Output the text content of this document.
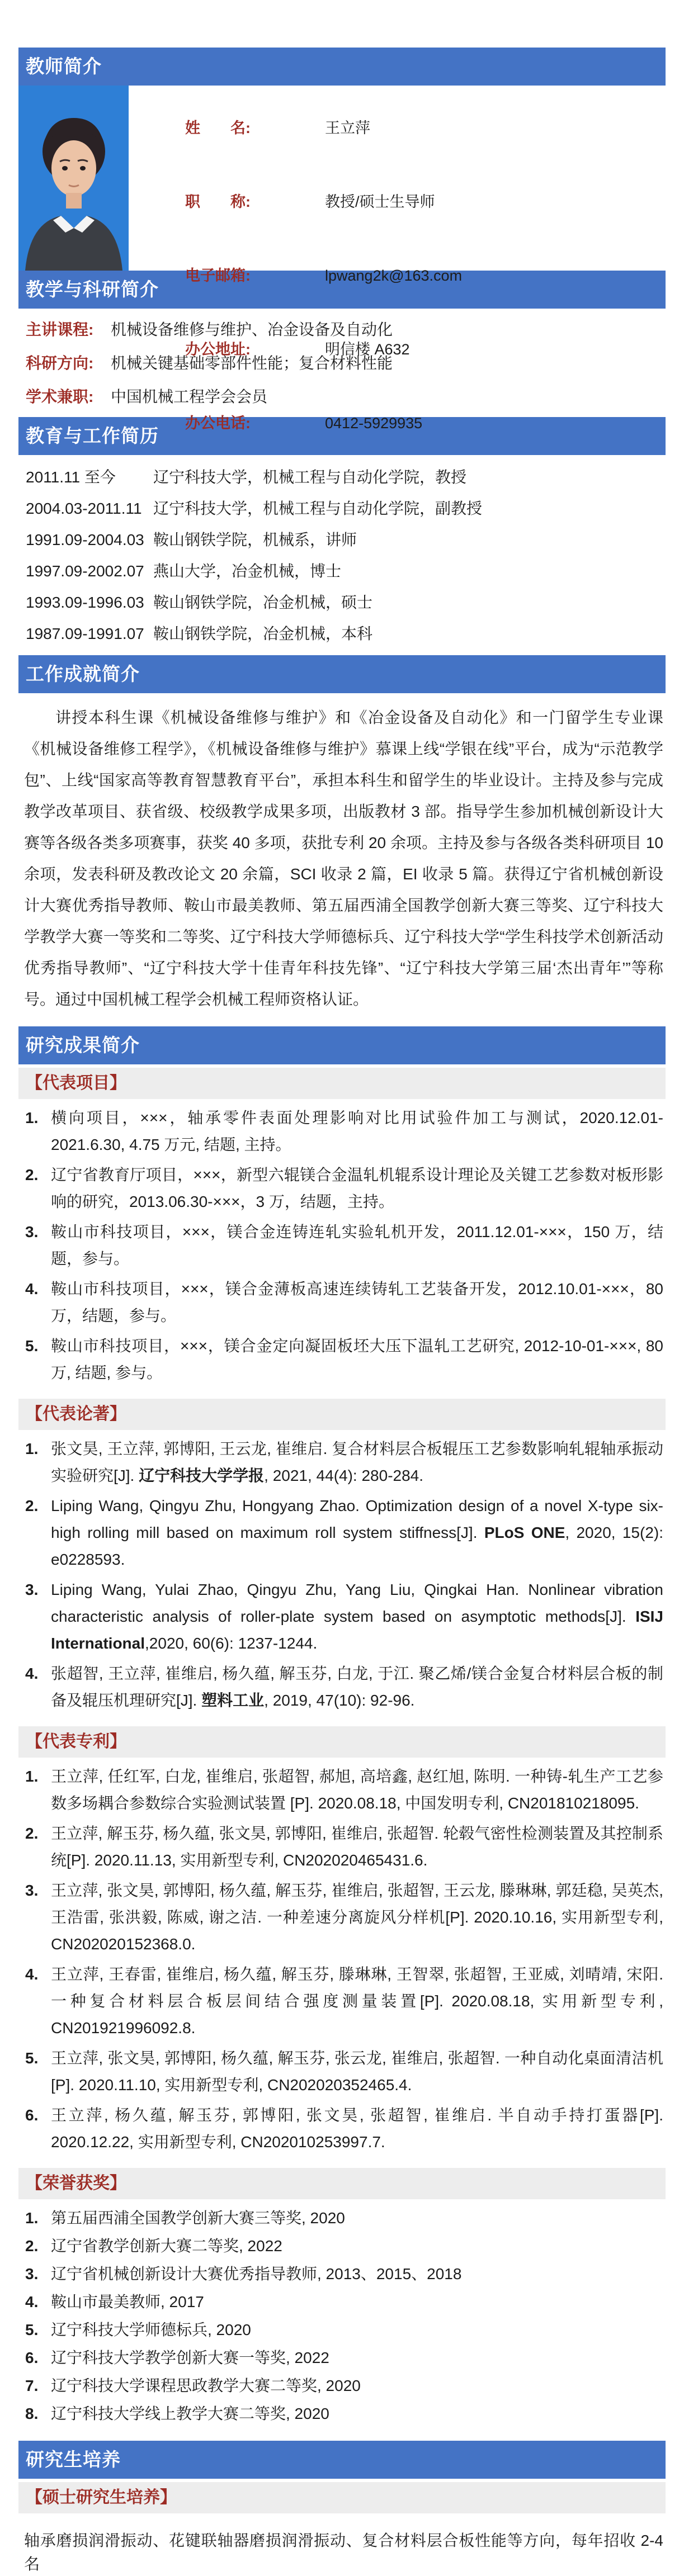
教师简介

姓　　名:	王立萍

职　　称:	教授/硕士生导师

电子邮箱:	lpwang2k@163.com

办公地址:	明信楼 A632

办公电话:	0412-5929935

教学与科研简介
主讲课程: 机械设备维修与维护、冶金设备及自动化
科研方向: 机械关键基础零部件性能；复合材料性能
学术兼职: 中国机械工程学会会员
教育与工作简历
2011.11 至今 辽宁科技大学，机械工程与自动化学院，教授
2004.03-2011.11 辽宁科技大学，机械工程与自动化学院，副教授
1991.09-2004.03 鞍山钢铁学院，机械系，讲师
1997.09-2002.07 燕山大学，冶金机械，博士
1993.09-1996.03 鞍山钢铁学院，冶金机械，硕士
1987.09-1991.07 鞍山钢铁学院，冶金机械，本科
工作成就简介

讲授本科生课《机械设备维修与维护》和《冶金设备及自动化》和一门留学生专业课《机械设备维修工程学》，《机械设备维修与维护》慕课上线“学银在线”平台，成为“示范教学包”、上线“国家高等教育智慧教育平台”，承担本科生和留学生的毕业设计。主持及参与完成教学改革项目、获省级、校级教学成果多项，出版教材 3 部。指导学生参加机械创新设计大赛等各级各类多项赛事，获奖 40 多项，获批专利 20 余项。主持及参与各级各类科研项目 10 余项，发表科研及教改论文 20 余篇，SCI 收录 2 篇，EI 收录 5 篇。获得辽宁省机械创新设计大赛优秀指导教师、鞍山市最美教师、第五届西浦全国教学创新大赛三等奖、辽宁科技大学教学大赛一等奖和二等奖、辽宁科技大学师德标兵、辽宁科技大学“学生科技学术创新活动优秀指导教师”、“辽宁科技大学十佳青年科技先锋”、“辽宁科技大学第三届‘杰出青年’”等称号。通过中国机械工程学会机械工程师资格认证。

研究成果简介
【代表项目】
横向项目，×××，轴承零件表面处理影响对比用试验件加工与测试，2020.12.01-2021.6.30, 4.75 万元, 结题, 主持。
辽宁省教育厅项目，×××，新型六辊镁合金温轧机辊系设计理论及关键工艺参数对板形影响的研究，2013.06.30-×××，3 万，结题，主持。
鞍山市科技项目，×××，镁合金连铸连轧实验轧机开发，2011.12.01-×××，150 万，结题，参与。
鞍山市科技项目，×××，镁合金薄板高速连续铸轧工艺装备开发，2012.10.01-×××，80 万，结题，参与。
鞍山市科技项目，×××，镁合金定向凝固板坯大压下温轧工艺研究, 2012-10-01-×××, 80 万, 结题, 参与。
【代表论著】
张文昊, 王立萍, 郭博阳, 王云龙, 崔维启. 复合材料层合板辊压工艺参数影响轧辊轴承振动实验研究[J]. 辽宁科技大学学报, 2021, 44(4): 280-284.
Liping Wang, Qingyu Zhu, Hongyang Zhao. Optimization design of a novel X-type six-high rolling mill based on maximum roll system stiffness[J]. PLoS ONE, 2020, 15(2): e0228593.
Liping Wang, Yulai Zhao, Qingyu Zhu, Yang Liu, Qingkai Han. Nonlinear vibration characteristic analysis of roller-plate system based on asymptotic methods[J]. ISIJ International,2020, 60(6): 1237-1244.
张超智, 王立萍, 崔维启, 杨久蕴, 解玉芬, 白龙, 于江. 聚乙烯/镁合金复合材料层合板的制备及辊压机理研究[J]. 塑料工业, 2019, 47(10): 92-96.
【代表专利】
王立萍, 任红军, 白龙, 崔维启, 张超智, 郝旭, 高培鑫, 赵红旭, 陈明. 一种铸-轧生产工艺参数多场耦合参数综合实验测试装置 [P]. 2020.08.18, 中国发明专利, CN201810218095.
王立萍, 解玉芬, 杨久蕴, 张文昊, 郭博阳, 崔维启, 张超智. 轮毂气密性检测装置及其控制系统[P]. 2020.11.13, 实用新型专利, CN202020465431.6.
王立萍, 张文昊, 郭博阳, 杨久蕴, 解玉芬, 崔维启, 张超智, 王云龙, 滕琳琳, 郭廷稳, 吴英杰, 王浩雷, 张洪毅, 陈威, 谢之洁. 一种差速分离旋风分样机[P]. 2020.10.16, 实用新型专利, CN202020152368.0.
王立萍, 王春雷, 崔维启, 杨久蕴, 解玉芬, 滕琳琳, 王智翠, 张超智, 王亚威, 刘晴靖, 宋阳. 一种复合材料层合板层间结合强度测量装置[P]. 2020.08.18, 实用新型专利, CN201921996092.8.
王立萍, 张文昊, 郭博阳, 杨久蕴, 解玉芬, 张云龙, 崔维启, 张超智. 一种自动化桌面清洁机[P]. 2020.11.10, 实用新型专利, CN202020352465.4.
王立萍, 杨久蕴, 解玉芬, 郭博阳, 张文昊, 张超智, 崔维启. 半自动手持打蛋器[P]. 2020.12.22, 实用新型专利, CN202010253997.7.
【荣誉获奖】
第五届西浦全国教学创新大赛三等奖, 2020
辽宁省教学创新大赛二等奖, 2022
辽宁省机械创新设计大赛优秀指导教师, 2013、2015、2018
鞍山市最美教师, 2017
辽宁科技大学师德标兵, 2020
辽宁科技大学教学创新大赛一等奖, 2022
辽宁科技大学课程思政教学大赛二等奖, 2020
辽宁科技大学线上教学大赛二等奖, 2020
研究生培养
【硕士研究生培养】

轴承磨损润滑振动、花键联轴器磨损润滑振动、复合材料层合板性能等方向，每年招收 2-4 名
